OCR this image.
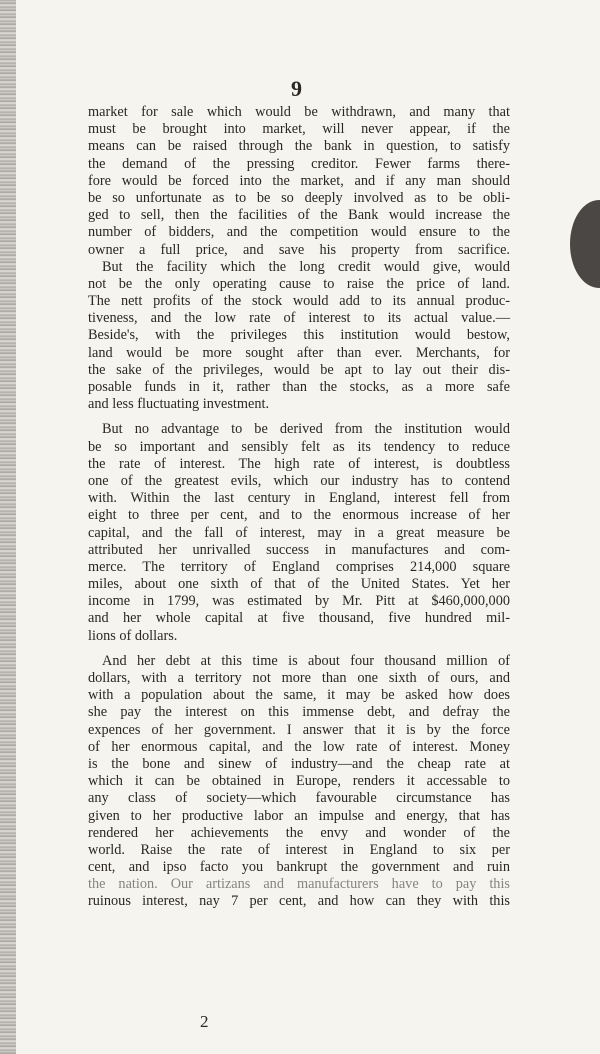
9
market for sale which would be withdrawn, and many that
must be brought into market, will never appear, if the
means can be raised through the bank in question, to satisfy
the demand of the pressing creditor. Fewer farms there-
fore would be forced into the market, and if any man should
be so unfortunate as to be so deeply involved as to be obli-
ged to sell, then the facilities of the Bank would increase the
number of bidders, and the competition would ensure to the
owner a full price, and save his property from sacrifice.
But the facility which the long credit would give, would
not be the only operating cause to raise the price of land.
The nett profits of the stock would add to its annual produc-
tiveness, and the low rate of interest to its actual value.—
Beside's, with the privileges this institution would bestow,
land would be more sought after than ever. Merchants, for
the sake of the privileges, would be apt to lay out their dis-
posable funds in it, rather than the stocks, as a more safe
and less fluctuating investment.
But no advantage to be derived from the institution would
be so important and sensibly felt as its tendency to reduce
the rate of interest. The high rate of interest, is doubtless
one of the greatest evils, which our industry has to contend
with. Within the last century in England, interest fell from
eight to three per cent, and to the enormous increase of her
capital, and the fall of interest, may in a great measure be
attributed her unrivalled success in manufactures and com-
merce. The territory of England comprises 214,000 square
miles, about one sixth of that of the United States. Yet her
income in 1799, was estimated by Mr. Pitt at $460,000,000
and her whole capital at five thousand, five hundred mil-
lions of dollars.
And her debt at this time is about four thousand million of
dollars, with a territory not more than one sixth of ours, and
with a population about the same, it may be asked how does
she pay the interest on this immense debt, and defray the
expences of her government. I answer that it is by the force
of her enormous capital, and the low rate of interest. Money
is the bone and sinew of industry—and the cheap rate at
which it can be obtained in Europe, renders it accessable to
any class of society—which favourable circumstance has
given to her productive labor an impulse and energy, that has
rendered her achievements the envy and wonder of the
world. Raise the rate of interest in England to six per
cent, and ipso facto you bankrupt the government and ruin
the nation. Our artizans and manufacturers have to pay this
ruinous interest, nay 7 per cent, and how can they with this
2
